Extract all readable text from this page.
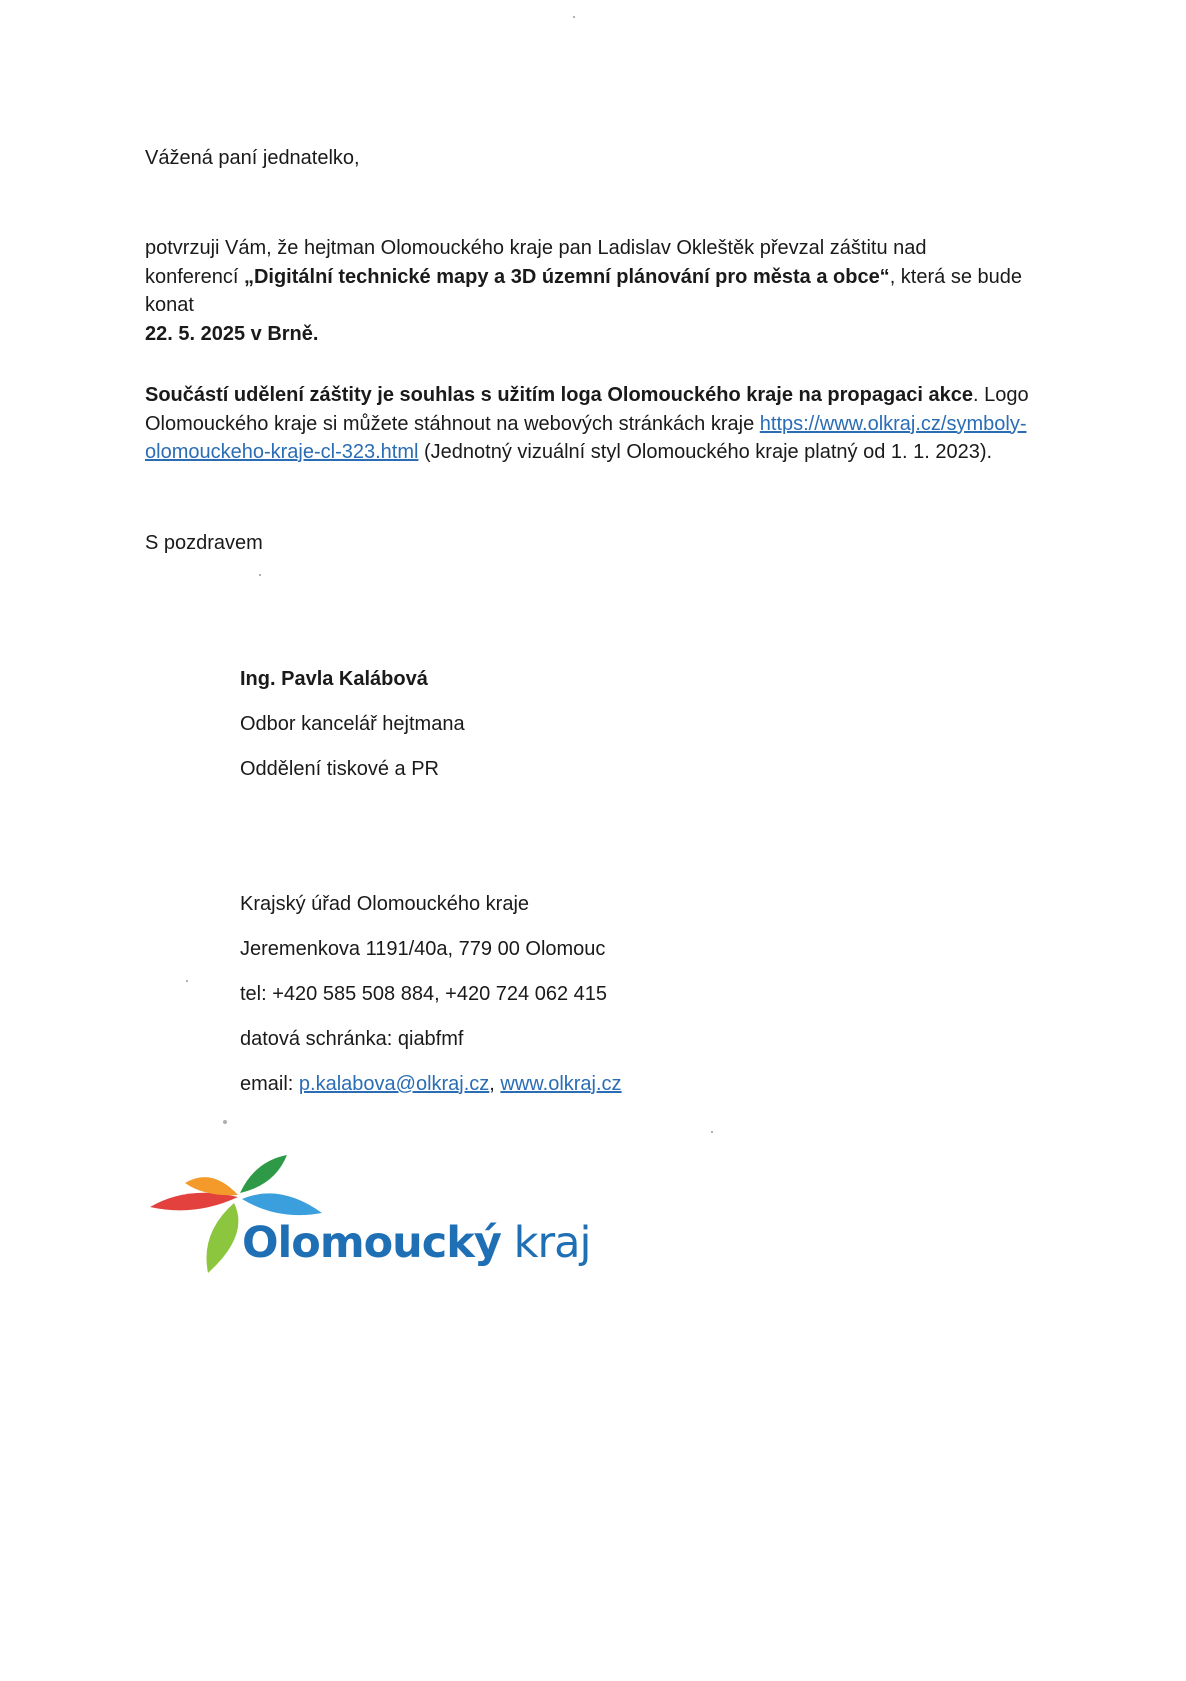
Vážená paní jednatelko,
potvrzuji Vám, že hejtman Olomouckého kraje pan Ladislav Okleštěk převzal záštitu nad
konferencí „Digitální technické mapy a 3D územní plánování pro města a obce“, která se bude konat
22. 5. 2025 v Brně.
Součástí udělení záštity je souhlas s užitím loga Olomouckého kraje na propagaci akce. Logo
Olomouckého kraje si můžete stáhnout na webových stránkách kraje https://www.olkraj.cz/symboly-
olomouckeho-kraje-cl-323.html (Jednotný vizuální styl Olomouckého kraje platný od 1. 1. 2023).
S pozdravem
Ing. Pavla Kalábová
Odbor kancelář hejtmana
Oddělení tiskové a PR
Krajský úřad Olomouckého kraje
Jeremenkova 1191/40a, 779 00 Olomouc
tel: +420 585 508 884, +420 724 062 415
datová schránka: qiabfmf
email: p.kalabova@olkraj.cz, www.olkraj.cz
Olomoucký kraj
